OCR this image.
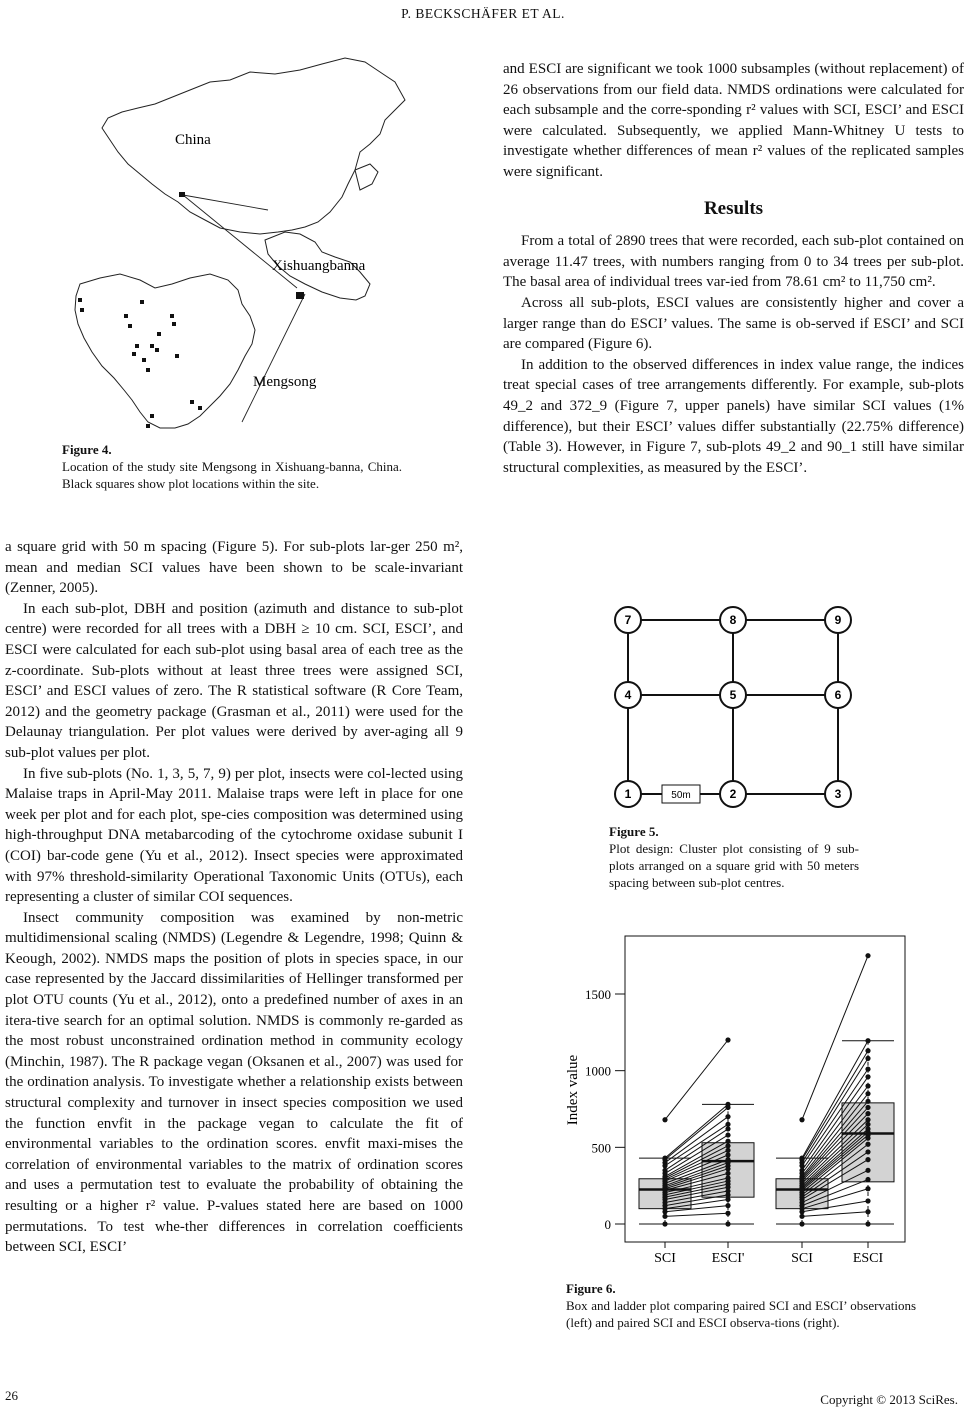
P. BECKSCHÄFER ET AL.
China
Xishuangbanna
Mengsong
Figure 4.
Location of the study site Mengsong in Xishuang-banna, China. Black squares show plot locations within the site.

a square grid with 50 m spacing (Figure 5). For sub-plots lar-ger 250 m², mean and median SCI values have been shown to be scale-invariant (Zenner, 2005).

In each sub-plot, DBH and position (azimuth and distance to sub-plot centre) were recorded for all trees with a DBH ≥ 10 cm. SCI, ESCI’, and ESCI were calculated for each sub-plot using basal area of each tree as the z-coordinate. Sub-plots without at least three trees were assigned SCI, ESCI’ and ESCI values of zero. The R statistical software (R Core Team, 2012) and the geometry package (Grasman et al., 2011) were used for the Delaunay triangulation. Per plot values were derived by aver-aging all 9 sub-plot values per plot.

In five sub-plots (No. 1, 3, 5, 7, 9) per plot, insects were col-lected using Malaise traps in April-May 2011. Malaise traps were left in place for one week per plot and for each plot, spe-cies composition was determined using high-throughput DNA metabarcoding of the cytochrome oxidase subunit I (COI) bar-code gene (Yu et al., 2012). Insect species were approximated with 97% threshold-similarity Operational Taxonomic Units (OTUs), each representing a cluster of similar COI sequences.

Insect community composition was examined by non-metric multidimensional scaling (NMDS) (Legendre & Legendre, 1998; Quinn & Keough, 2002). NMDS maps the position of plots in species space, in our case represented by the Jaccard dissimilarities of Hellinger transformed per plot OTU counts (Yu et al., 2012), onto a predefined number of axes in an itera-tive search for an optimal solution. NMDS is commonly re-garded as the most robust unconstrained ordination method in community ecology (Minchin, 1987). The R package vegan (Oksanen et al., 2007) was used for the ordination analysis. To investigate whether a relationship exists between structural complexity and turnover in insect species composition we used the function envfit in the package vegan to calculate the fit of environmental variables to the ordination scores. envfit maxi-mises the correlation of environmental variables to the matrix of ordination scores and uses a permutation test to evaluate the probability of obtaining the resulting or a higher r² value. P-values stated here are based on 1000 permutations. To test whe-ther differences in correlation coefficients between SCI, ESCI’

and ESCI are significant we took 1000 subsamples (without replacement) of 26 observations from our field data. NMDS ordinations were calculated for each subsample and the corre-sponding r² values with SCI, ESCI’ and ESCI were calculated. Subsequently, we applied Mann-Whitney U tests to investigate whether differences of mean r² values of the replicated samples were significant.

Results

From a total of 2890 trees that were recorded, each sub-plot contained on average 11.47 trees, with numbers ranging from 0 to 34 trees per sub-plot. The basal area of individual trees var-ied from 78.61 cm² to 11,750 cm².

Across all sub-plots, ESCI values are consistently higher and cover a larger range than do ESCI’ values. The same is ob-served if ESCI’ and SCI are compared (Figure 6).

In addition to the observed differences in index value range, the indices treat special cases of tree arrangements differently. For example, sub-plots 49_2 and 372_9 (Figure 7, upper panels) have similar SCI values (1% difference), but their ESCI’ values differ substantially (22.75% difference) (Table 3). However, in Figure 7, sub-plots 49_2 and 90_1 still have similar structural complexities, as measured by the ESCI’.

7	8	9
4	5	6
1	2	3
50m
Figure 5.
Plot design: Cluster plot consisting of 9 sub-plots arranged on a square grid with 50 meters spacing between sub-plot centres.
0
500
1000
1500
SCI	ESCI'	SCI	ESCI
Index value
Figure 6.
Box and ladder plot comparing paired SCI and ESCI’ observations (left) and paired SCI and ESCI observa-tions (right).
26	Copyright © 2013 SciRes.
